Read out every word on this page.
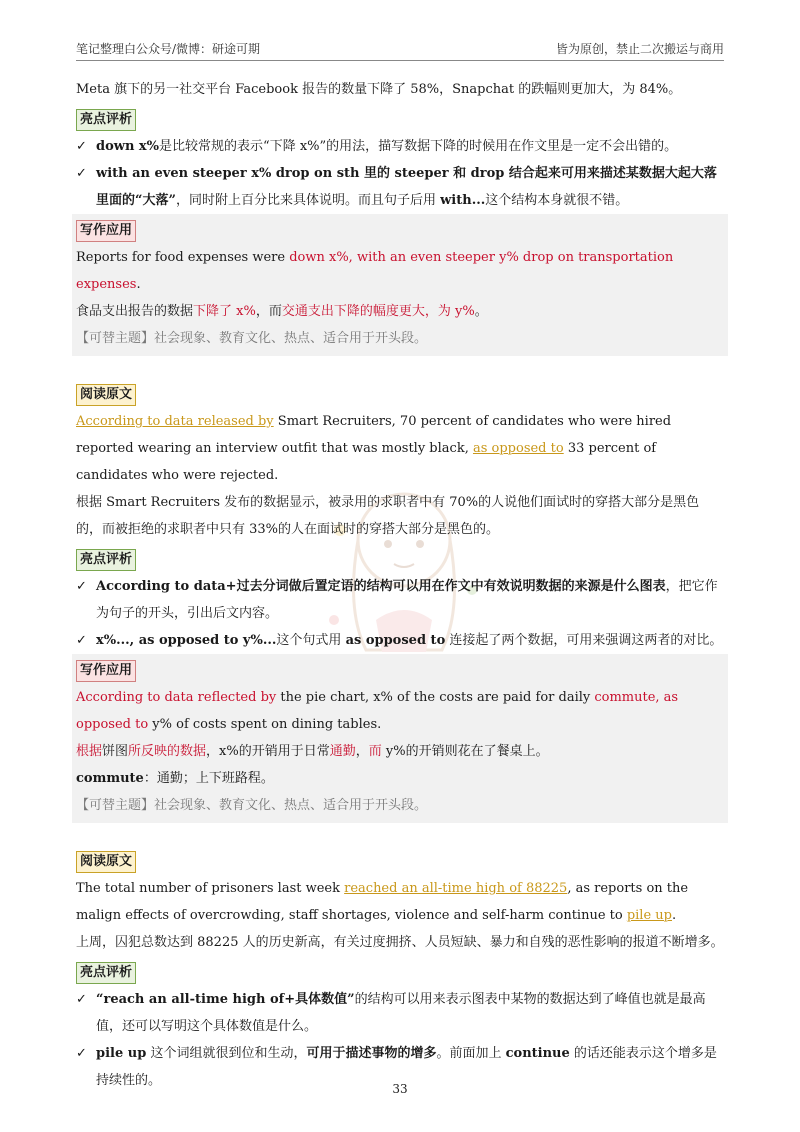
笔记整理白公众号/微博：研途可期	皆为原创，禁止二次搬运与商用

Meta 旗下的另一社交平台 Facebook 报告的数量下降了 58%，Snapchat 的跌幅则更加大，为 84%。

亮点评析

✓ down x%是比较常规的表示“下降 x%”的用法，描写数据下降的时候用在作文里是一定不会出错的。

✓ with an even steeper x% drop on sth 里的 steeper 和 drop 结合起来可用来描述某数据大起大落里面的“大落”，同时附上百分比来具体说明。而且句子后用 with...这个结构本身就很不错。

写作应用

Reports for food expenses were down x%, with an even steeper y% drop on transportation expenses.

食品支出报告的数据下降了 x%，而交通支出下降的幅度更大，为 y%。

【可替主题】社会现象、教育文化、热点、适合用于开头段。

阅读原文

According to data released by Smart Recruiters, 70 percent of candidates who were hired reported wearing an interview outfit that was mostly black, as opposed to 33 percent of candidates who were rejected.

根据 Smart Recruiters 发布的数据显示，被录用的求职者中有 70%的人说他们面试时的穿搭大部分是黑色的，而被拒绝的求职者中只有 33%的人在面试时的穿搭大部分是黑色的。

亮点评析

✓ According to data+过去分词做后置定语的结构可以用在作文中有效说明数据的来源是什么图表，把它作为句子的开头，引出后文内容。

✓ x%..., as opposed to y%...这个句式用 as opposed to 连接起了两个数据，可用来强调这两者的对比。

写作应用

According to data reflected by the pie chart, x% of the costs are paid for daily commute, as opposed to y% of costs spent on dining tables.

根据饼图所反映的数据，x%的开销用于日常通勤，而 y%的开销则花在了餐桌上。

commute：通勤；上下班路程。

【可替主题】社会现象、教育文化、热点、适合用于开头段。

阅读原文

The total number of prisoners last week reached an all-time high of 88225, as reports on the malign effects of overcrowding, staff shortages, violence and self-harm continue to pile up.

上周，囚犯总数达到 88225 人的历史新高，有关过度拥挤、人员短缺、暴力和自残的恶性影响的报道不断增多。

亮点评析

✓ “reach an all-time high of+具体数值”的结构可以用来表示图表中某物的数据达到了峰值也就是最高值，还可以写明这个具体数值是什么。

✓ pile up 这个词组就很到位和生动，可用于描述事物的增多。前面加上 continue 的话还能表示这个增多是持续性的。

33
